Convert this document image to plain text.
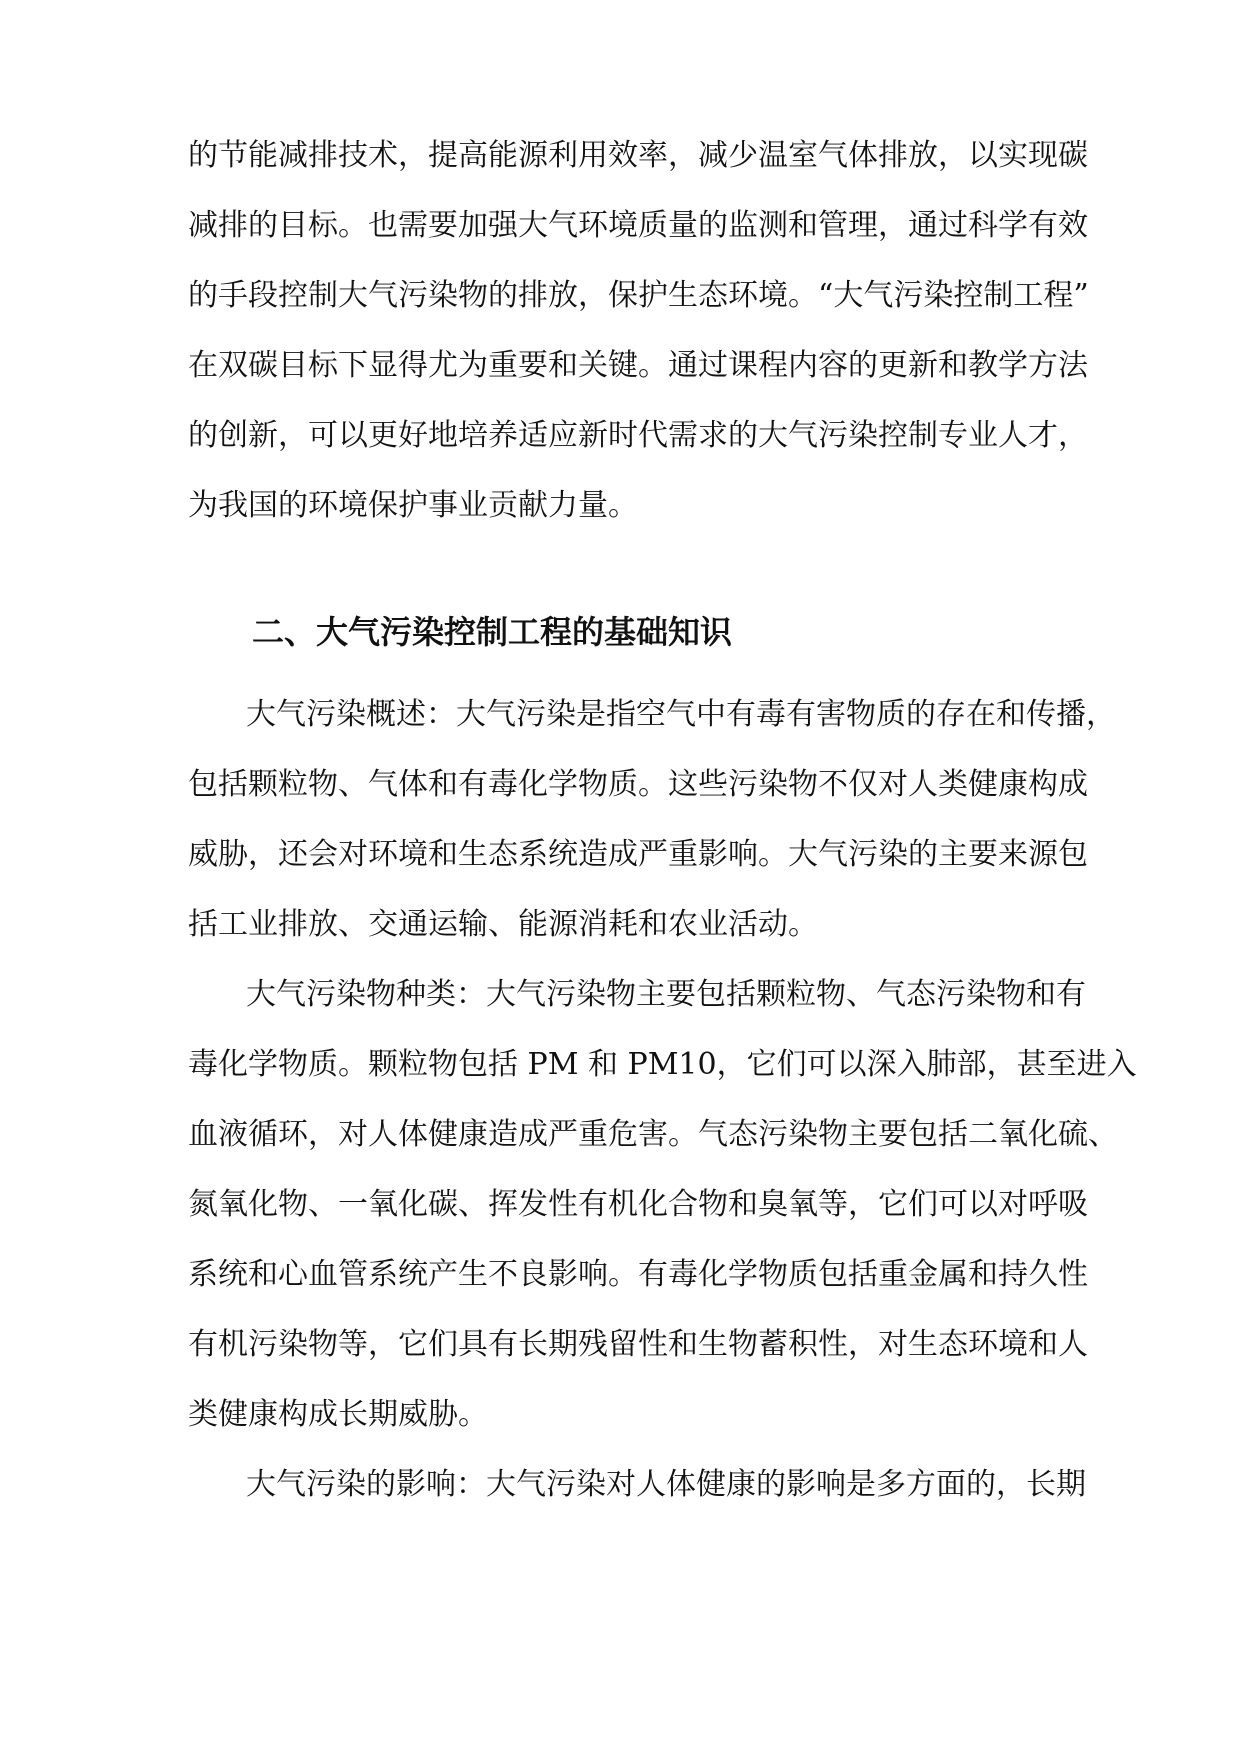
的节能减排技术，提高能源利用效率，减少温室气体排放，以实现碳
减排的目标。也需要加强大气环境质量的监测和管理，通过科学有效
的手段控制大气污染物的排放，保护生态环境。“大气污染控制工程”
在双碳目标下显得尤为重要和关键。通过课程内容的更新和教学方法
的创新，可以更好地培养适应新时代需求的大气污染控制专业人才，
为我国的环境保护事业贡献力量。
二、大气污染控制工程的基础知识
大气污染概述：大气污染是指空气中有毒有害物质的存在和传播，
包括颗粒物、气体和有毒化学物质。这些污染物不仅对人类健康构成
威胁，还会对环境和生态系统造成严重影响。大气污染的主要来源包
括工业排放、交通运输、能源消耗和农业活动。
大气污染物种类：大气污染物主要包括颗粒物、气态污染物和有
毒化学物质。颗粒物包括 PM 和 PM10，它们可以深入肺部，甚至进入
血液循环，对人体健康造成严重危害。气态污染物主要包括二氧化硫、
氮氧化物、一氧化碳、挥发性有机化合物和臭氧等，它们可以对呼吸
系统和心血管系统产生不良影响。有毒化学物质包括重金属和持久性
有机污染物等，它们具有长期残留性和生物蓄积性，对生态环境和人
类健康构成长期威胁。
大气污染的影响：大气污染对人体健康的影响是多方面的，长期
